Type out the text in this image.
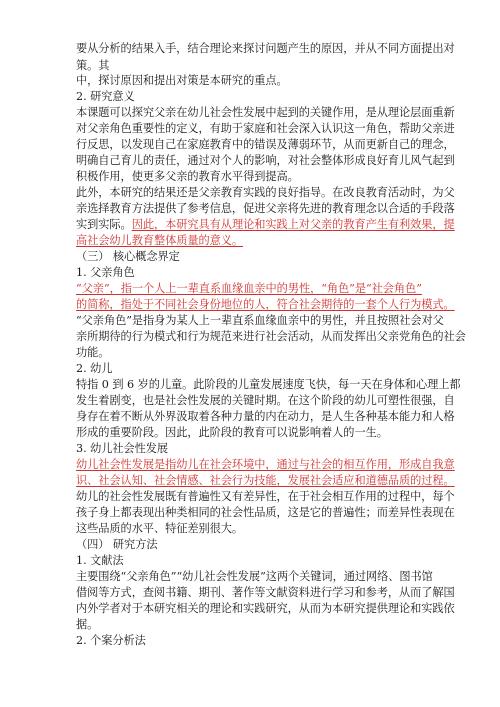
要从分析的结果入手，结合理论来探讨问题产生的原因，并从不同方面提出对
策。其
中，探讨原因和提出对策是本研究的重点。
2. 研究意义
本课题可以探究父亲在幼儿社会性发展中起到的关键作用，是从理论层面重新
对父亲角色重要性的定义，有助于家庭和社会深入认识这一角色，帮助父亲进
行反思，以发现自己在家庭教育中的错误及薄弱环节，从而更新自己的理念，
明确自己育儿的责任，通过对个人的影响，对社会整体形成良好育儿风气起到
积极作用，使更多父亲的教育水平得到提高。
此外，本研究的结果还是父亲教育实践的良好指导。在改良教育活动时，为父
亲选择教育方法提供了参考信息，促进父亲将先进的教育理念以合适的手段落
实到实际。因此，本研究具有从理论和实践上对父亲的教育产生有利效果，提
高社会幼儿教育整体质量的意义。
（三） 核心概念界定
1. 父亲角色
“父亲”，指一个人上一辈直系血缘血亲中的男性，“角色”是“社会角色”
的简称，指处于不同社会身份地位的人，符合社会期待的一套个人行为模式。
“父亲角色”是指身为某人上一辈直系血缘血亲中的男性，并且按照社会对父
亲所期待的行为模式和行为规范来进行社会活动，从而发挥出父亲党角色的社会
功能。
2. 幼儿
特指 0 到 6 岁的儿童。此阶段的儿童发展速度飞快，每一天在身体和心理上都
发生着剧变，也是社会性发展的关键时期。在这个阶段的幼儿可塑性很强，自
身存在着不断从外界汲取着各种力量的内在动力，是人生各种基本能力和人格
形成的重要阶段。因此，此阶段的教育可以说影响着人的一生。
3. 幼儿社会性发展
幼儿社会性发展是指幼儿在社会环境中，通过与社会的相互作用，形成自我意
识、社会认知、社会情感、社会行为技能，发展社会适应和道德品质的过程。
幼儿的社会性发展既有普遍性又有差异性，在于社会相互作用的过程中，每个
孩子身上都表现出种类相同的社会性品质，这是它的普遍性；而差异性表现在
这些品质的水平、特征差别很大。
（四） 研究方法
1. 文献法
主要围绕“父亲角色”“幼儿社会性发展”这两个关键词，通过网络、图书馆
借阅等方式，查阅书籍、期刊、著作等文献资料进行学习和参考，从而了解国
内外学者对于本研究相关的理论和实践研究，从而为本研究提供理论和实践依
据。
2. 个案分析法
